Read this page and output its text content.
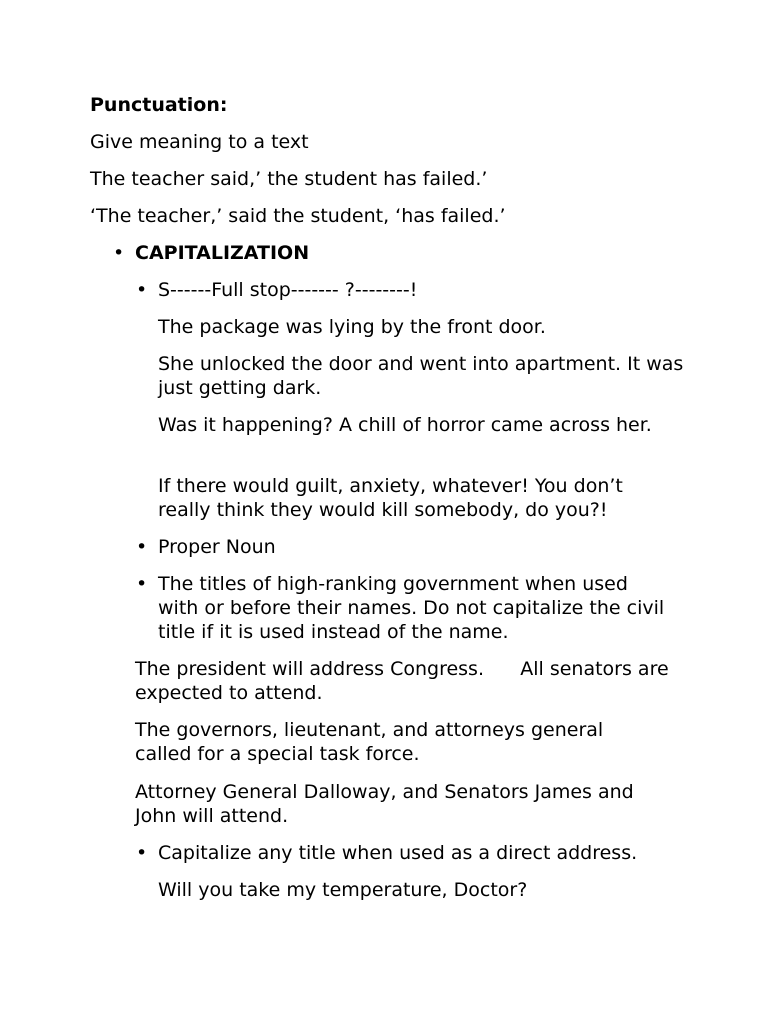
Punctuation:

Give meaning to a text

The teacher said,’ the student has failed.’

‘The teacher,’ said the student, ‘has failed.’

• CAPITALIZATION

• S------Full stop------- ?--------!

The package was lying by the front door.

She unlocked the door and went into apartment. It was just getting dark.

Was it happening? A chill of horror came across her.

If there would guilt, anxiety, whatever! You don’t really think they would kill somebody, do you?!

• Proper Noun

• The titles of high-ranking government when used with or before their names. Do not capitalize the civil title if it is used instead of the name.

The president will address Congress.      All senators are expected to attend.

The governors, lieutenant, and attorneys general called for a special task force.

Attorney General Dalloway, and Senators James and John will attend.

• Capitalize any title when used as a direct address.

Will you take my temperature, Doctor?
